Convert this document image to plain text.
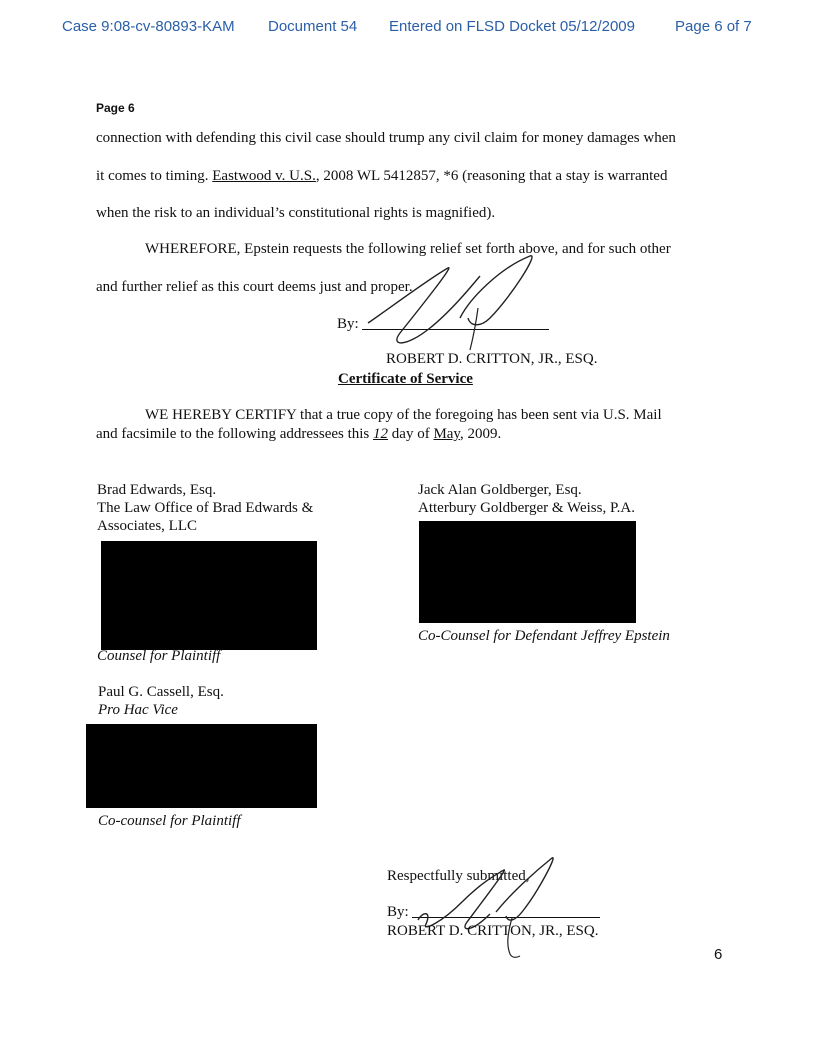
Case 9:08-cv-80893-KAM Document 54 Entered on FLSD Docket 05/12/2009	Page 6 of 7
Page 6
connection with defending this civil case should trump any civil claim for money damages when
it comes to timing. Eastwood v. U.S., 2008 WL 5412857, *6 (reasoning that a stay is warranted
when the risk to an individual’s constitutional rights is magnified).
WHEREFORE, Epstein requests the following relief set forth above, and for such other
and further relief as this court deems just and proper.
By:
ROBERT D. CRITTON, JR., ESQ.
Certificate of Service
WE HEREBY CERTIFY that a true copy of the foregoing has been sent via U.S. Mail
and facsimile to the following addressees this 12 day of May, 2009.
Brad Edwards, Esq.
The Law Office of Brad Edwards &
Associates, LLC
Counsel for Plaintiff
Jack Alan Goldberger, Esq.
Atterbury Goldberger & Weiss, P.A.
Co-Counsel for Defendant Jeffrey Epstein
Paul G. Cassell, Esq.
Pro Hac Vice
Co-counsel for Plaintiff
Respectfully submitted,
By:
ROBERT D. CRITTON, JR., ESQ.
6
